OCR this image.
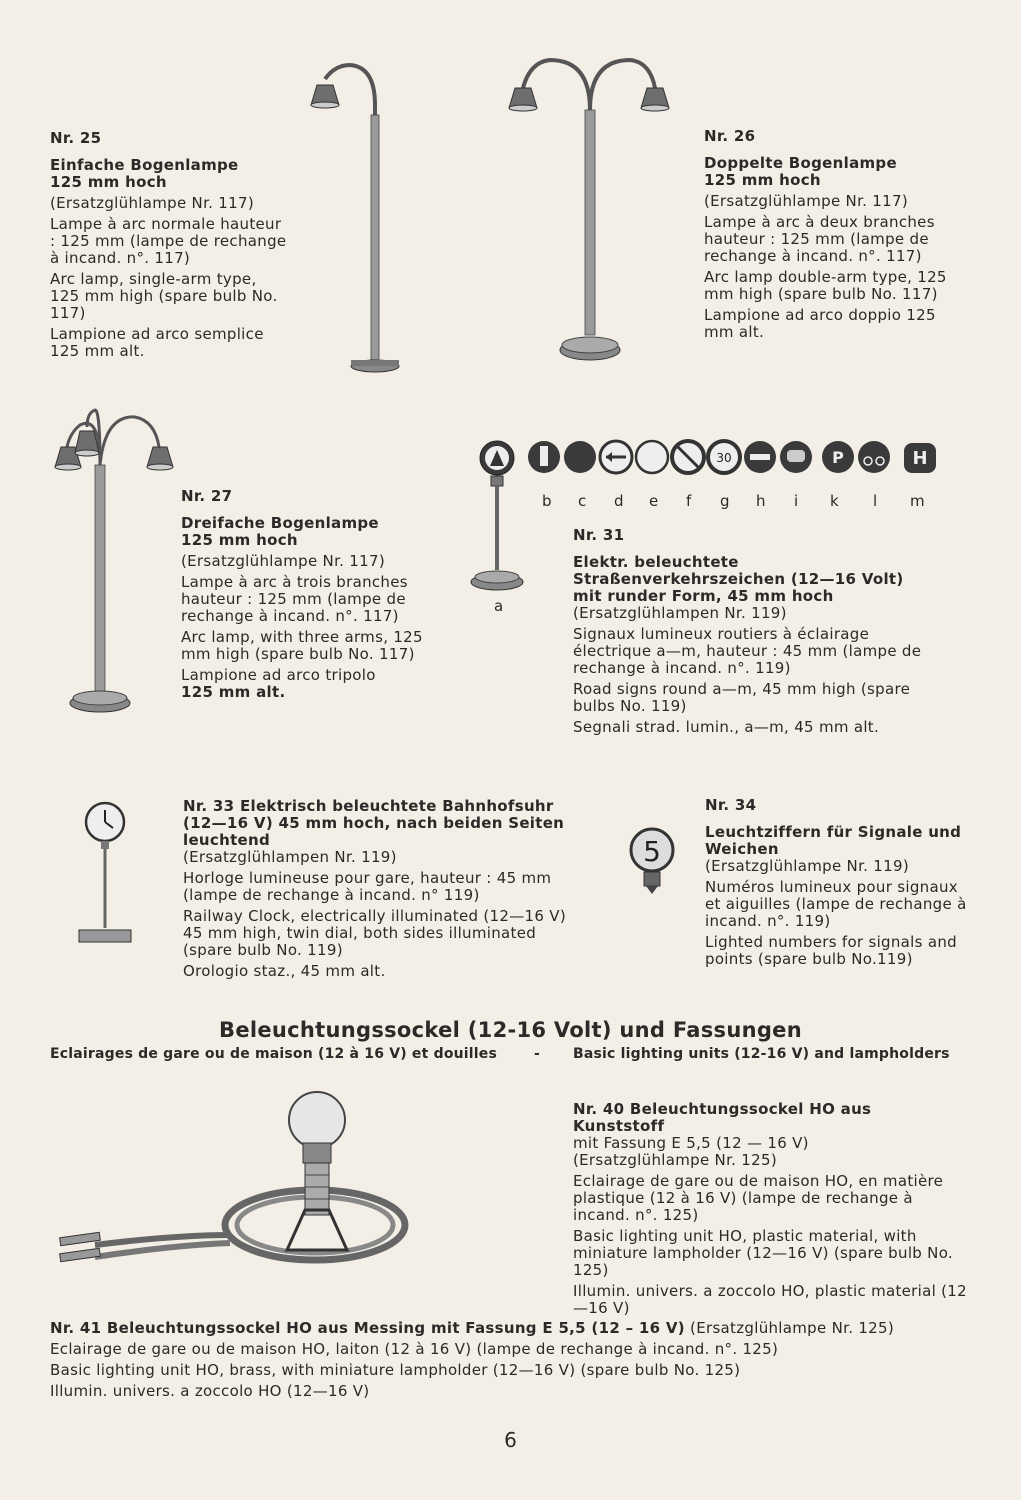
a
30	P	H
b c d e f g h i k l m
5

Nr. 25

Einfache Bogenlampe

125 mm hoch

(Ersatzglühlampe Nr. 117)

Lampe à arc normale hauteur : 125 mm (lampe de rechange à incand. n°. 117)

Arc lamp, single-arm type, 125 mm high (spare bulb No. 117)

Lampione ad arco semplice 125 mm alt.

Nr. 26

Doppelte Bogenlampe

125 mm hoch

(Ersatzglühlampe Nr. 117)

Lampe à arc à deux branches hauteur : 125 mm (lampe de rechange à incand. n°. 117)

Arc lamp double-arm type, 125 mm high (spare bulb No. 117)

Lampione ad arco doppio 125 mm alt.

Nr. 27

Dreifache Bogenlampe

125 mm hoch

(Ersatzglühlampe Nr. 117)

Lampe à arc à trois branches hauteur : 125 mm (lampe de rechange à incand. n°. 117)

Arc lamp, with three arms, 125 mm high (spare bulb No. 117)

Lampione ad arco tripolo
125 mm alt.

Nr. 31

Elektr. beleuchtete Straßenverkehrszeichen (12—16 Volt) mit runder Form, 45 mm hoch

(Ersatzglühlampen Nr. 119)

Signaux lumineux routiers à éclairage électrique a—m, hauteur : 45 mm (lampe de rechange à incand. n°. 119)

Road signs round a—m, 45 mm high (spare bulbs No. 119)

Segnali strad. lumin., a—m, 45 mm alt.

Nr. 33 Elektrisch beleuchtete Bahnhofsuhr (12—16 V) 45 mm hoch, nach beiden Seiten leuchtend

(Ersatzglühlampen Nr. 119)

Horloge lumineuse pour gare, hauteur : 45 mm (lampe de rechange à incand. n° 119)

Railway Clock, electrically illuminated (12—16 V) 45 mm high, twin dial, both sides illuminated (spare bulb No. 119)

Orologio staz., 45 mm alt.

Nr. 34

Leuchtziffern für Signale und Weichen

(Ersatzglühlampe Nr. 119)

Numéros lumineux pour signaux et aiguilles (lampe de rechange à incand. n°. 119)

Lighted numbers for signals and points (spare bulb No.119)

Beleuchtungssockel (12-16 Volt) und Fassungen
Eclairages de gare ou de maison (12 à 16 V) et douilles	- Basic lighting units (12-16 V) and lampholders
Nr. 40 Beleuchtungssockel HO aus Kunststoff
mit Fassung E 5,5 (12 — 16 V)

(Ersatzglühlampe Nr. 125)

Eclairage de gare ou de maison HO, en matière plastique (12 à 16 V) (lampe de rechange à incand. n°. 125)

Basic lighting unit HO, plastic material, with miniature lampholder (12—16 V) (spare bulb No. 125)

Illumin. univers. a zoccolo HO, plastic material (12—16 V)

Nr. 41 Beleuchtungssockel HO aus Messing mit Fassung E 5,5 (12 – 16 V) (Ersatzglühlampe Nr. 125)
Eclairage de gare ou de maison HO, laiton (12 à 16 V) (lampe de rechange à incand. n°. 125)
Basic lighting unit HO, brass, with miniature lampholder (12—16 V) (spare bulb No. 125)
Illumin. univers. a zoccolo HO (12—16 V)
6
